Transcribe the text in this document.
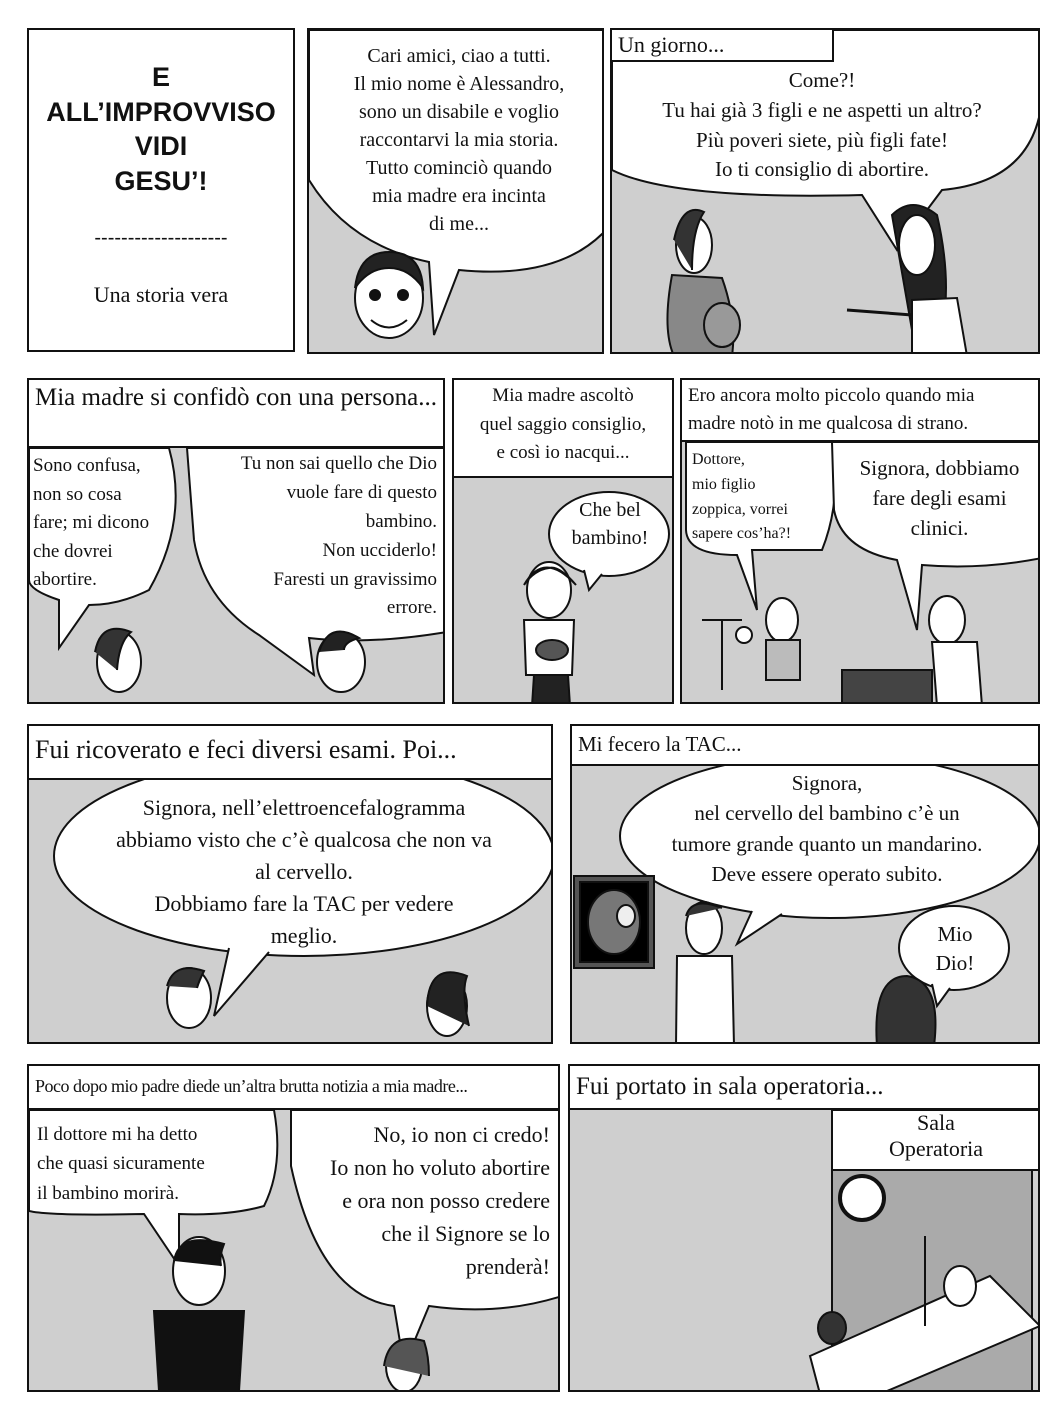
E
ALL’IMPROVVISO
VIDI
GESU’!
--------------------
Una storia vera
Cari amici, ciao a tutti.
Il mio nome è Alessandro,
sono un disabile e voglio
raccontarvi la mia storia.
Tutto cominciò quando
mia madre era incinta
di me...
Un giorno...
Come?!
Tu hai già 3 figli e ne aspetti un altro?
Più poveri siete, più figli fate!
Io ti consiglio di abortire.
Mia madre si confidò con una persona...
Sono confusa,
non so cosa
fare; mi dicono
che dovrei
abortire.
Tu non sai quello che Dio
vuole fare di questo
bambino.
Non ucciderlo!
Faresti un gravissimo
errore.
Mia madre ascoltò
quel saggio consiglio,
e così io nacqui...
Che bel
bambino!
Ero ancora molto piccolo quando mia
madre notò in me qualcosa di strano.
Dottore,
mio figlio
zoppica, vorrei
sapere cos’ha?!
Signora, dobbiamo
fare degli esami
clinici.
Fui ricoverato e feci diversi esami. Poi...
Signora, nell’elettroencefalogramma
abbiamo visto che c’è qualcosa che non va
al cervello.
Dobbiamo fare la TAC per vedere
meglio.
Mi fecero la TAC...
Signora,
nel cervello del bambino c’è un
tumore grande quanto un mandarino.
Deve essere operato subito.
Mio
Dio!
Poco dopo mio padre diede un’altra brutta notizia a mia madre...
Il dottore mi ha detto
che quasi sicuramente
il bambino morirà.
No, io non ci credo!
Io non ho voluto abortire
e ora non posso credere
che il Signore se lo
prenderà!
Fui portato in sala operatoria...
Sala
Operatoria
